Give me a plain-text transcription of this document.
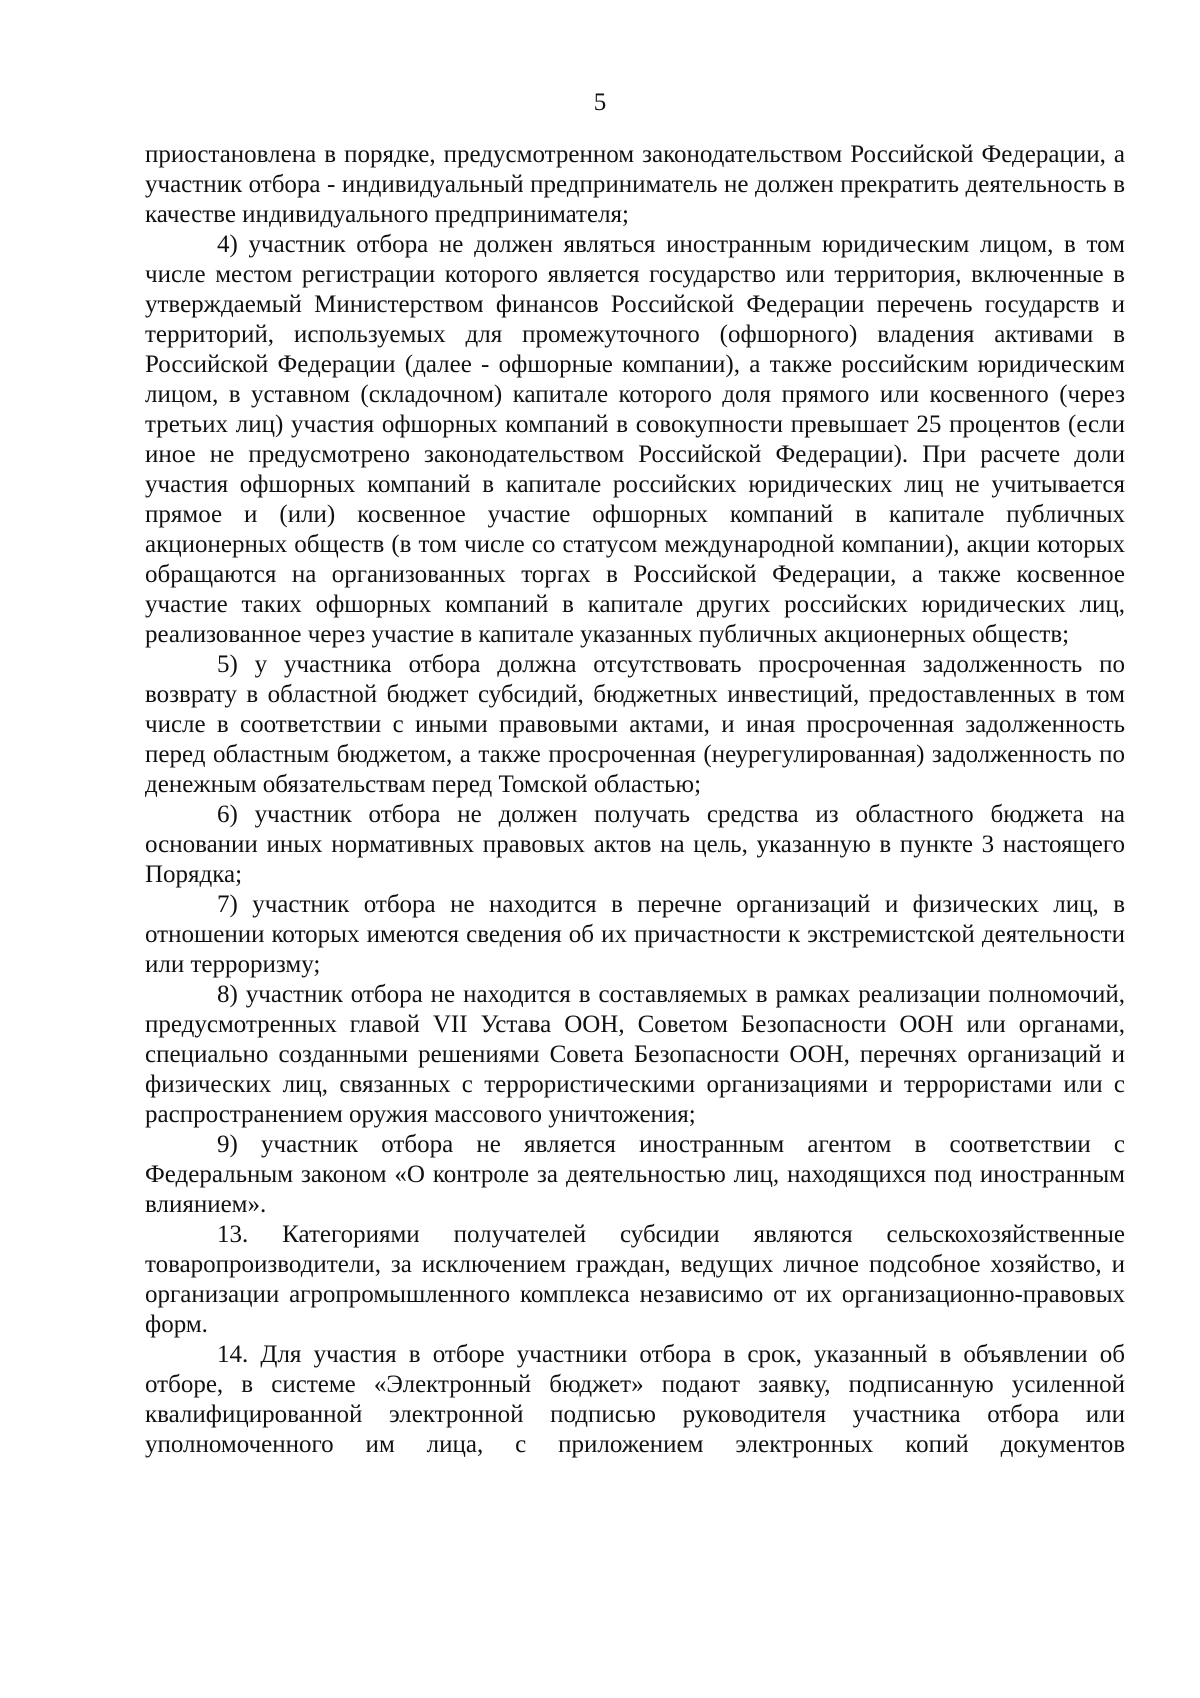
5

приостановлена в порядке, предусмотренном законодательством Российской Федерации, а участник отбора - индивидуальный предприниматель не должен прекратить деятельность в качестве индивидуального предпринимателя;

4) участник отбора не должен являться иностранным юридическим лицом, в том числе местом регистрации которого является государство или территория, включенные в утверждаемый Министерством финансов Российской Федерации перечень государств и территорий, используемых для промежуточного (офшорного) владения активами в Российской Федерации (далее - офшорные компании), а также российским юридическим лицом, в уставном (складочном) капитале которого доля прямого или косвенного (через третьих лиц) участия офшорных компаний в совокупности превышает 25 процентов (если иное не предусмотрено законодательством Российской Федерации). При расчете доли участия офшорных компаний в капитале российских юридических лиц не учитывается прямое и (или) косвенное участие офшорных компаний в капитале публичных акционерных обществ (в том числе со статусом международной компании), акции которых обращаются на организованных торгах в Российской Федерации, а также косвенное участие таких офшорных компаний в капитале других российских юридических лиц, реализованное через участие в капитале указанных публичных акционерных обществ;

5) у участника отбора должна отсутствовать просроченная задолженность по возврату в областной бюджет субсидий, бюджетных инвестиций, предоставленных в том числе в соответствии с иными правовыми актами, и иная просроченная задолженность перед областным бюджетом, а также просроченная (неурегулированная) задолженность по денежным обязательствам перед Томской областью;

6) участник отбора не должен получать средства из областного бюджета на основании иных нормативных правовых актов на цель, указанную в пункте 3 настоящего Порядка;

7) участник отбора не находится в перечне организаций и физических лиц, в отношении которых имеются сведения об их причастности к экстремистской деятельности или терроризму;

8) участник отбора не находится в составляемых в рамках реализации полномочий, предусмотренных главой VII Устава ООН, Советом Безопасности ООН или органами, специально созданными решениями Совета Безопасности ООН, перечнях организаций и физических лиц, связанных с террористическими организациями и террористами или с распространением оружия массового уничтожения;

9) участник отбора не является иностранным агентом в соответствии с Федеральным законом «О контроле за деятельностью лиц, находящихся под иностранным влиянием».

13. Категориями получателей субсидии являются сельскохозяйственные товаропроизводители, за исключением граждан, ведущих личное подсобное хозяйство, и организации агропромышленного комплекса независимо от их организационно-правовых форм.

14. Для участия в отборе участники отбора в срок, указанный в объявлении об отборе, в системе «Электронный бюджет» подают заявку, подписанную усиленной квалифицированной электронной подписью руководителя участника отбора или уполномоченного им лица, с приложением электронных копий документов
